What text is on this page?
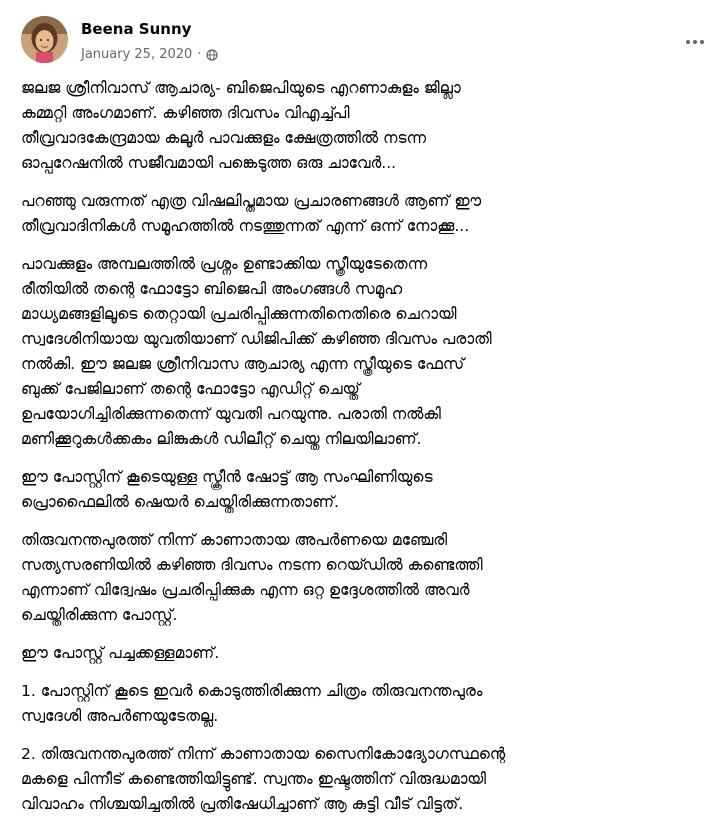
Beena Sunny
January 25, 2020 ·

ജലജ ശ്രീനിവാസ് ആചാര്യ- ബിജെപിയുടെ എറണാകുളം ജില്ലാ
കമ്മറ്റി അംഗമാണ്. കഴിഞ്ഞ ദിവസം വിഎച്ച്പി
തീവ്രവാദകേന്ദ്രമായ കലൂർ പാവക്കുളം ക്ഷേത്രത്തിൽ നടന്ന
ഓപ്പറേഷനിൽ സജീവമായി പങ്കെടുത്ത ഒരു ചാവേർ...

പറഞ്ഞു വരുന്നത് എത്ര വിഷലിപ്തമായ പ്രചാരണങ്ങൾ ആണ് ഈ
തീവ്രവാദിനികൾ സമൂഹത്തിൽ നടത്തുന്നത് എന്ന് ഒന്ന് നോക്കൂ...

പാവക്കുളം അമ്പലത്തിൽ പ്രശ്നം ഉണ്ടാക്കിയ സ്ത്രീയുടേതെന്ന
രീതിയിൽ തന്റെ ഫോട്ടോ ബിജെപി അംഗങ്ങൾ സമൂഹ
മാധ്യമങ്ങളിലൂടെ തെറ്റായി പ്രചരിപ്പിക്കുന്നതിനെതിരെ ചെറായി
സ്വദേശിനിയായ യുവതിയാണ് ഡിജിപിക്ക് കഴിഞ്ഞ ദിവസം പരാതി
നൽകി. ഈ ജലജ ശ്രീനിവാസ ആചാര്യ എന്ന സ്ത്രീയുടെ ഫേസ്
ബുക്ക് പേജിലാണ് തന്റെ ഫോട്ടോ എഡിറ്റ് ചെയ്ത്
ഉപയോഗിച്ചിരിക്കുന്നതെന്ന് യുവതി പറയുന്നു. പരാതി നൽകി
മണിക്കൂറുകൾക്കകം ലിങ്കുകൾ ഡിലീറ്റ് ചെയ്ത നിലയിലാണ്.

ഈ പോസ്റ്റിന് കൂടെയുള്ള സ്ക്രീൻ ഷോട്ട് ആ സംഘിണിയുടെ
പ്രൊഫൈലിൽ ഷെയർ ചെയ്തിരിക്കുന്നതാണ്.

തിരുവനന്തപുരത്ത് നിന്ന് കാണാതായ അപർണയെ മഞ്ചേരി
സത്യസരണിയിൽ കഴിഞ്ഞ ദിവസം നടന്ന റെയ്ഡിൽ കണ്ടെത്തി
എന്നാണ് വിദ്വേഷം പ്രചരിപ്പിക്കുക എന്ന ഒറ്റ ഉദ്ദേശത്തിൽ അവർ
ചെയ്തിരിക്കുന്ന പോസ്റ്റ്.

ഈ പോസ്റ്റ് പച്ചക്കള്ളമാണ്.

1. പോസ്റ്റിന് കൂടെ ഇവർ കൊടുത്തിരിക്കുന്ന ചിത്രം തിരുവനന്തപുരം
സ്വദേശി അപർണയുടേതല്ല.

2. തിരുവനന്തപുരത്ത് നിന്ന് കാണാതായ സൈനികോദ്യോഗസ്ഥന്റെ
മകളെ പിന്നീട് കണ്ടെത്തിയിട്ടുണ്ട്. സ്വന്തം ഇഷ്ടത്തിന് വിരുദ്ധമായി
വിവാഹം നിശ്ചയിച്ചതിൽ പ്രതിഷേധിച്ചാണ് ആ കുട്ടി വീട് വിട്ടത്.
